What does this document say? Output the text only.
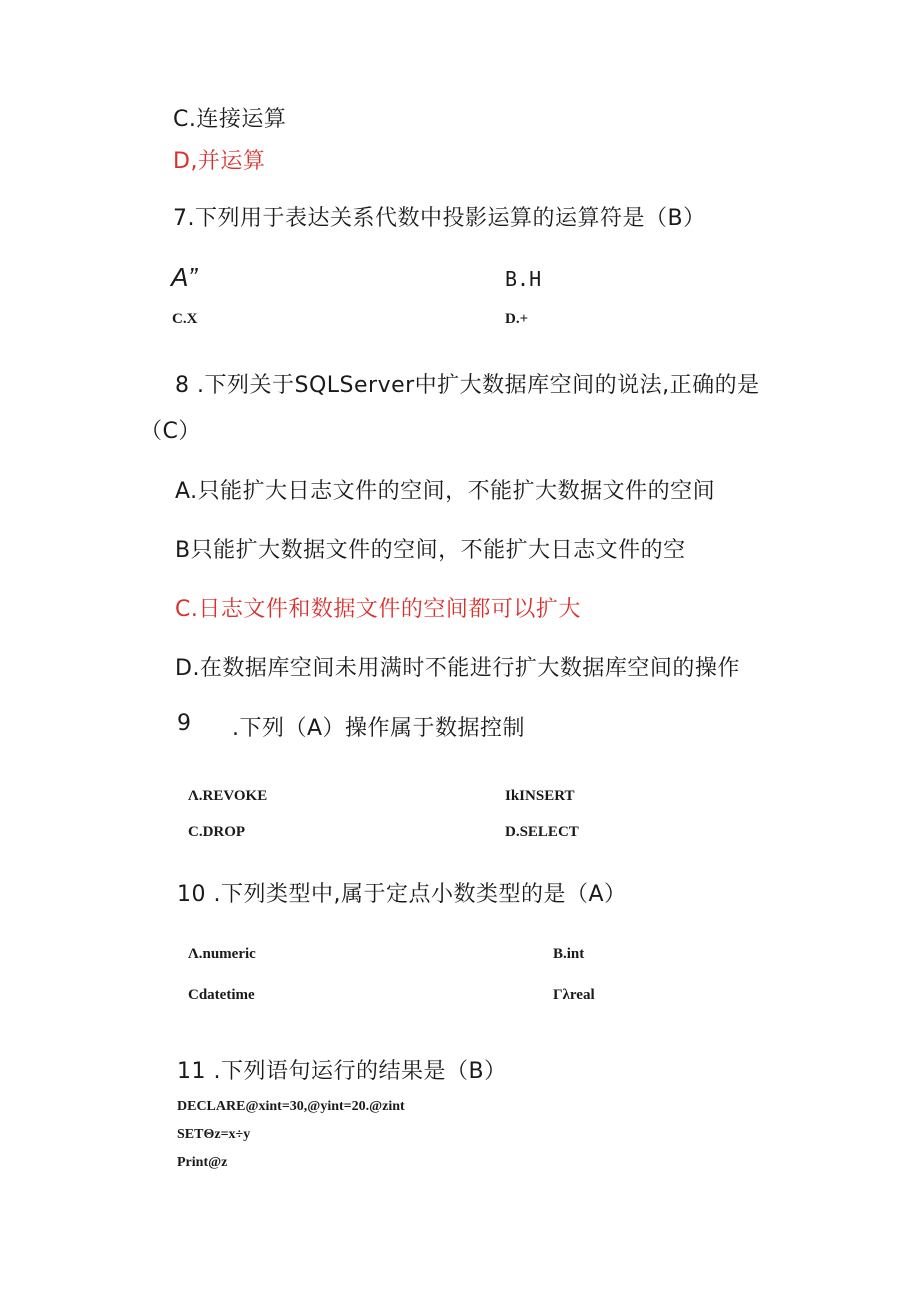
C.连接运算
D,并运算
7.下列用于表达关系代数中投影运算的运算符是（B）
A”	B.H
C.X	D.+
8 .下列关于SQLServer中扩大数据库空间的说法,正确的是
（C）
A.只能扩大日志文件的空间，不能扩大数据文件的空间
B只能扩大数据文件的空间，不能扩大日志文件的空
C.日志文件和数据文件的空间都可以扩大
D.在数据库空间未用满时不能进行扩大数据库空间的操作
9 .下列（A）操作属于数据控制
Λ.REVOKE	IkINSERT
C.DROP	D.SELECT
10 .下列类型中,属于定点小数类型的是（A）
Λ.numeric	B.int
Cdatetime	Γλreal
11 .下列语句运行的结果是（B）
DECLARE@xint=30,@yint=20.@zint
SETΘz=x÷y
Print@z
